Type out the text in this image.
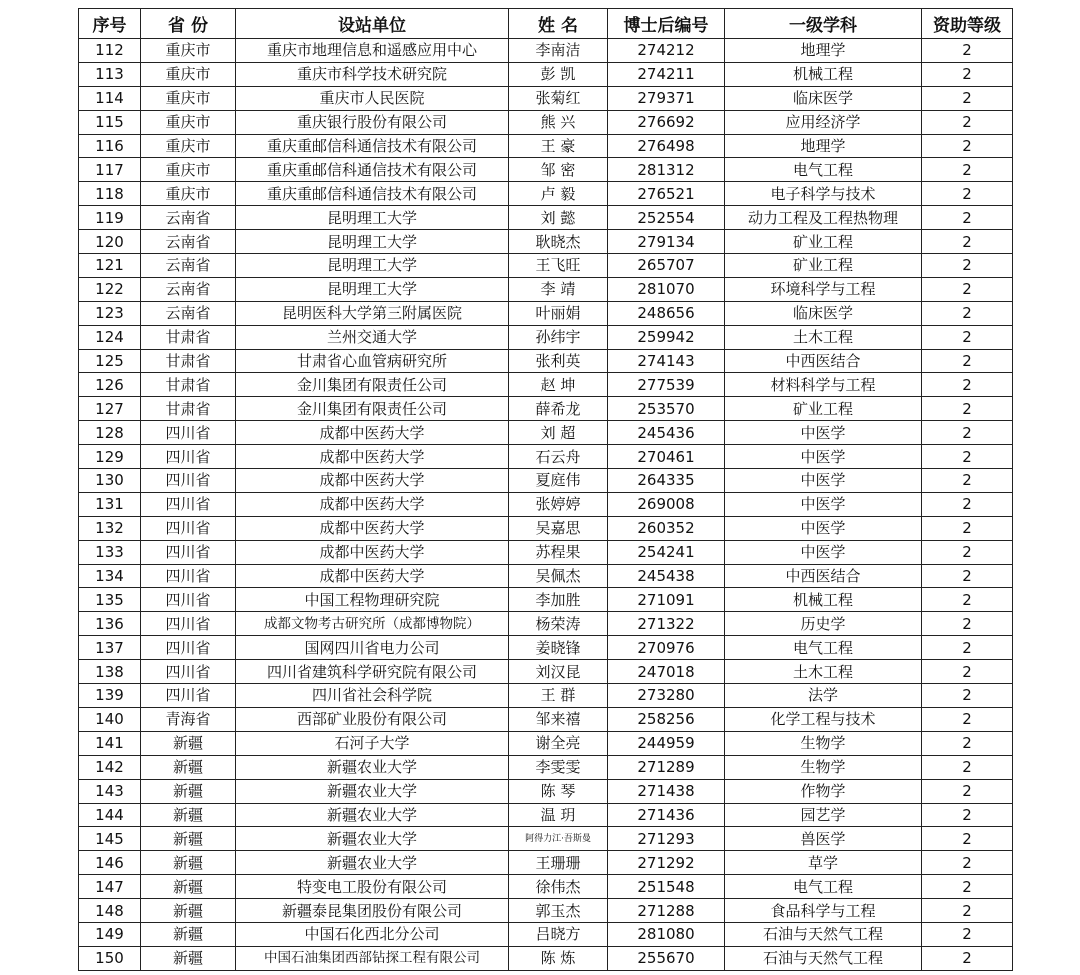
序号	省 份	设站单位	姓 名	博士后编号	一级学科	资助等级
112	重庆市	重庆市地理信息和遥感应用中心	李南洁	274212	地理学	2
113	重庆市	重庆市科学技术研究院	彭 凯	274211	机械工程	2
114	重庆市	重庆市人民医院	张菊红	279371	临床医学	2
115	重庆市	重庆银行股份有限公司	熊 兴	276692	应用经济学	2
116	重庆市	重庆重邮信科通信技术有限公司	王 豪	276498	地理学	2
117	重庆市	重庆重邮信科通信技术有限公司	邹 密	281312	电气工程	2
118	重庆市	重庆重邮信科通信技术有限公司	卢 毅	276521	电子科学与技术	2
119	云南省	昆明理工大学	刘 懿	252554	动力工程及工程热物理	2
120	云南省	昆明理工大学	耿晓杰	279134	矿业工程	2
121	云南省	昆明理工大学	王飞旺	265707	矿业工程	2
122	云南省	昆明理工大学	李 靖	281070	环境科学与工程	2
123	云南省	昆明医科大学第三附属医院	叶丽娟	248656	临床医学	2
124	甘肃省	兰州交通大学	孙纬宇	259942	土木工程	2
125	甘肃省	甘肃省心血管病研究所	张利英	274143	中西医结合	2
126	甘肃省	金川集团有限责任公司	赵 坤	277539	材料科学与工程	2
127	甘肃省	金川集团有限责任公司	薛希龙	253570	矿业工程	2
128	四川省	成都中医药大学	刘 超	245436	中医学	2
129	四川省	成都中医药大学	石云舟	270461	中医学	2
130	四川省	成都中医药大学	夏庭伟	264335	中医学	2
131	四川省	成都中医药大学	张婷婷	269008	中医学	2
132	四川省	成都中医药大学	吴嘉思	260352	中医学	2
133	四川省	成都中医药大学	苏程果	254241	中医学	2
134	四川省	成都中医药大学	吴佩杰	245438	中西医结合	2
135	四川省	中国工程物理研究院	李加胜	271091	机械工程	2
136	四川省	成都文物考古研究所（成都博物院）	杨荣涛	271322	历史学	2
137	四川省	国网四川省电力公司	姜晓锋	270976	电气工程	2
138	四川省	四川省建筑科学研究院有限公司	刘汉昆	247018	土木工程	2
139	四川省	四川省社会科学院	王 群	273280	法学	2
140	青海省	西部矿业股份有限公司	邹来禧	258256	化学工程与技术	2
141	新疆	石河子大学	谢全亮	244959	生物学	2
142	新疆	新疆农业大学	李雯雯	271289	生物学	2
143	新疆	新疆农业大学	陈 琴	271438	作物学	2
144	新疆	新疆农业大学	温 玥	271436	园艺学	2
145	新疆	新疆农业大学	阿得力江·吾斯曼	271293	兽医学	2
146	新疆	新疆农业大学	王珊珊	271292	草学	2
147	新疆	特变电工股份有限公司	徐伟杰	251548	电气工程	2
148	新疆	新疆泰昆集团股份有限公司	郭玉杰	271288	食品科学与工程	2
149	新疆	中国石化西北分公司	吕晓方	281080	石油与天然气工程	2
150	新疆	中国石油集团西部钻探工程有限公司	陈 炼	255670	石油与天然气工程	2
